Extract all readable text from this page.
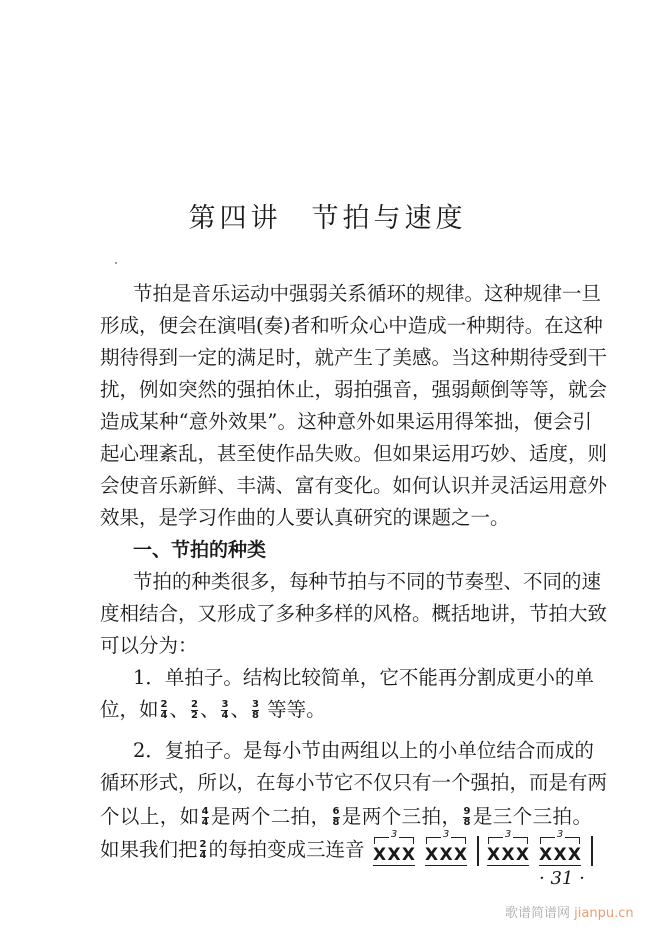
第四讲 节拍与速度
节拍是音乐运动中强弱关系循环的规律。这种规律一旦
形成，便会在演唱(奏)者和听众心中造成一种期待。在这种
期待得到一定的满足时，就产生了美感。当这种期待受到干
扰，例如突然的强拍休止，弱拍强音，强弱颠倒等等，就会
造成某种“意外效果”。这种意外如果运用得笨拙，便会引
起心理紊乱，甚至使作品失败。但如果运用巧妙、适度，则
会使音乐新鲜、丰满、富有变化。如何认识并灵活运用意外
效果，是学习作曲的人要认真研究的课题之一。
一、节拍的种类
节拍的种类很多，每种节拍与不同的节奏型、不同的速
度相结合，又形成了多种多样的风格。概括地讲，节拍大致
可以分为：
1．单拍子。结构比较简单，它不能再分割成更小的单
位，如 $\frac{2}{4}$ 、 $\frac{2}{2}$ 、 $\frac{3}{4}$ 、 $\frac{3}{8}$ 等等。
2．复拍子。是每小节由两组以上的小单位结合而成的
循环形式，所以，在每小节它不仅只有一个强拍，而是有两
个以上，如 $\frac{4}{4}$ 是两个二拍， $\frac{6}{8}$ 是两个三拍， $\frac{9}{8}$ 是三个三拍。
如果我们把 $\frac{2}{4}$ 的每拍变成三连音
3
X X X
3
X X X
3
X X X
3
X X X
· 31 ·
歌谱简谱网 jianpu.cn
